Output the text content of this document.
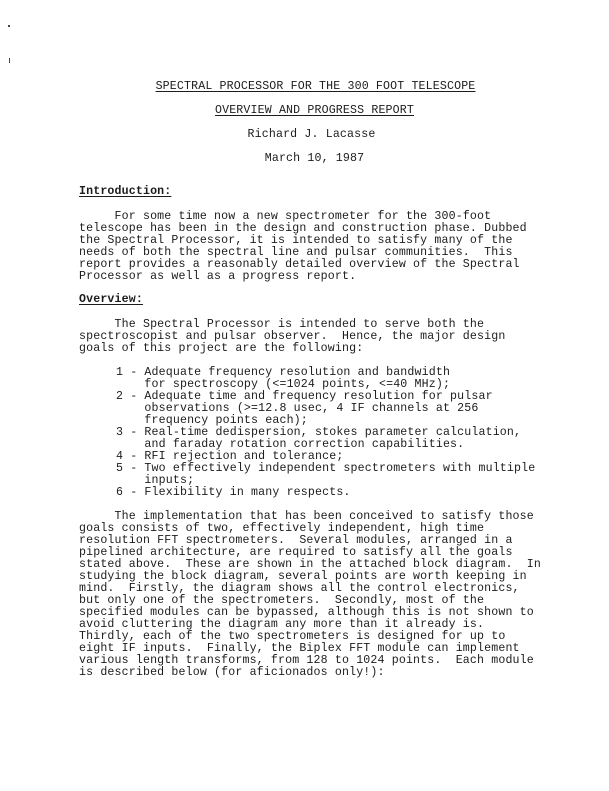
SPECTRAL PROCESSOR FOR THE 300 FOOT TELESCOPE
OVERVIEW AND PROGRESS REPORT
Richard J. Lacasse
March 10, 1987
Introduction:
For some time now a new spectrometer for the 300-foot
telescope has been in the design and construction phase. Dubbed
the Spectral Processor, it is intended to satisfy many of the
needs of both the spectral line and pulsar communities.  This
report provides a reasonably detailed overview of the Spectral
Processor as well as a progress report.
Overview:
The Spectral Processor is intended to serve both the
spectroscopist and pulsar observer.  Hence, the major design
goals of this project are the following:
1 - Adequate frequency resolution and bandwidth
for spectroscopy (<=1024 points, <=40 MHz);
2 - Adequate time and frequency resolution for pulsar
observations (>=12.8 usec, 4 IF channels at 256
frequency points each);
3 - Real-time dedispersion, stokes parameter calculation,
and faraday rotation correction capabilities.
4 - RFI rejection and tolerance;
5 - Two effectively independent spectrometers with multiple
inputs;
6 - Flexibility in many respects.
The implementation that has been conceived to satisfy those
goals consists of two, effectively independent, high time
resolution FFT spectrometers.  Several modules, arranged in a
pipelined architecture, are required to satisfy all the goals
stated above.  These are shown in the attached block diagram.  In
studying the block diagram, several points are worth keeping in
mind.  Firstly, the diagram shows all the control electronics,
but only one of the spectrometers.  Secondly, most of the
specified modules can be bypassed, although this is not shown to
avoid cluttering the diagram any more than it already is.
Thirdly, each of the two spectrometers is designed for up to
eight IF inputs.  Finally, the Biplex FFT module can implement
various length transforms, from 128 to 1024 points.  Each module
is described below (for aficionados only!):
